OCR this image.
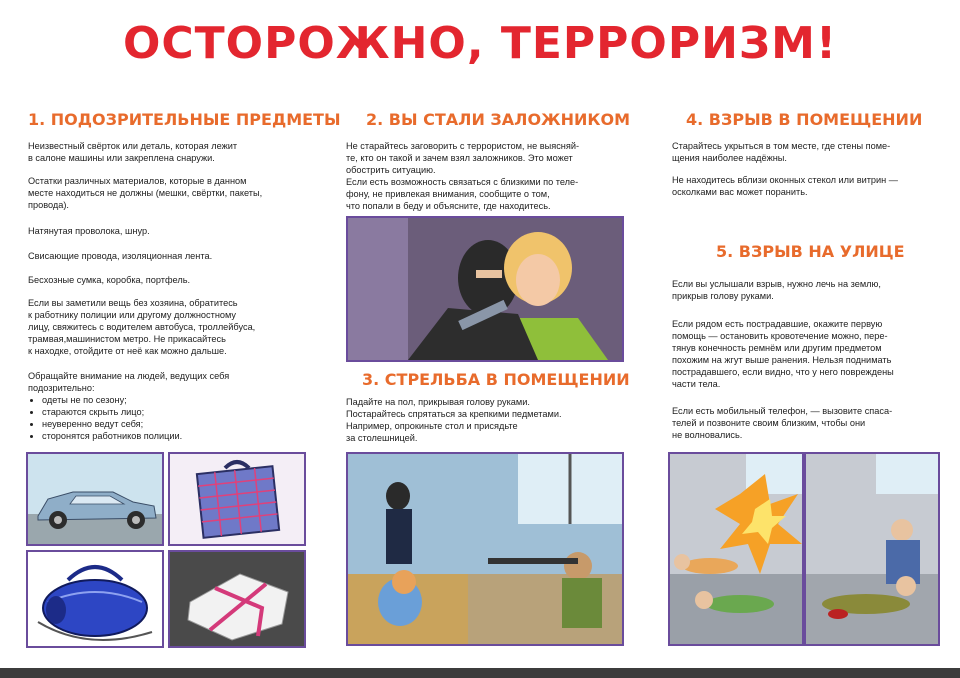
ОСТОРОЖНО, ТЕРРОРИЗМ!
1. ПОДОЗРИТЕЛЬНЫЕ ПРЕДМЕТЫ
Неизвестный свёрток или деталь, которая лежит
в салоне машины или закреплена снаружи.
Остатки различных материалов, которые в данном
месте находиться не должны (мешки, свёртки, пакеты,
провода).
Натянутая проволока, шнур.
Свисающие провода, изоляционная лента.
Бесхозные сумка, коробка, портфель.
Если вы заметили вещь без хозяина, обратитесь
к работнику полиции или другому должностному
лицу, свяжитесь с водителем автобуса, троллейбуса,
трамвая,машинистом метро. Не прикасайтесь
к находке, отойдите от неё как можно дальше.
Обращайте внимание на людей, ведущих себя
подозрительно:
• одеты не по сезону;
• стараются скрыть лицо;
• неуверенно ведут себя;
• сторонятся работников полиции.
2. ВЫ СТАЛИ ЗАЛОЖНИКОМ
Не старайтесь заговорить с террористом, не выясняй-
те, кто он такой и зачем взял заложников. Это может
обострить ситуацию.
Если есть возможность связаться с близкими по теле-
фону, не привлекая внимания, сообщите о том,
что попали в беду и объясните, где находитесь.
3. СТРЕЛЬБА В ПОМЕЩЕНИИ
Падайте на пол, прикрывая голову руками.
Постарайтесь спрятаться за крепкими педметами.
Например, опрокиньте стол и присядьте
за столешницей.
4. ВЗРЫВ В ПОМЕЩЕНИИ
Старайтесь укрыться в том месте, где стены поме-
щения наиболее надёжны.
Не находитесь вблизи оконных стекол или витрин —
осколками вас может поранить.
5. ВЗРЫВ НА УЛИЦЕ
Если вы услышали взрыв, нужно лечь на землю,
прикрыв голову руками.
Если рядом есть пострадавшие, окажите первую
помощь — остановить кровотечение можно, пере-
тянув конечность ремнём или другим предметом
похожим на жгут выше ранения. Нельзя поднимать
пострадавшего, если видно, что у него повреждены
части тела.
Если есть мобильный телефон, — вызовите спаса-
телей и позвоните своим близким, чтобы они
не волновались.
